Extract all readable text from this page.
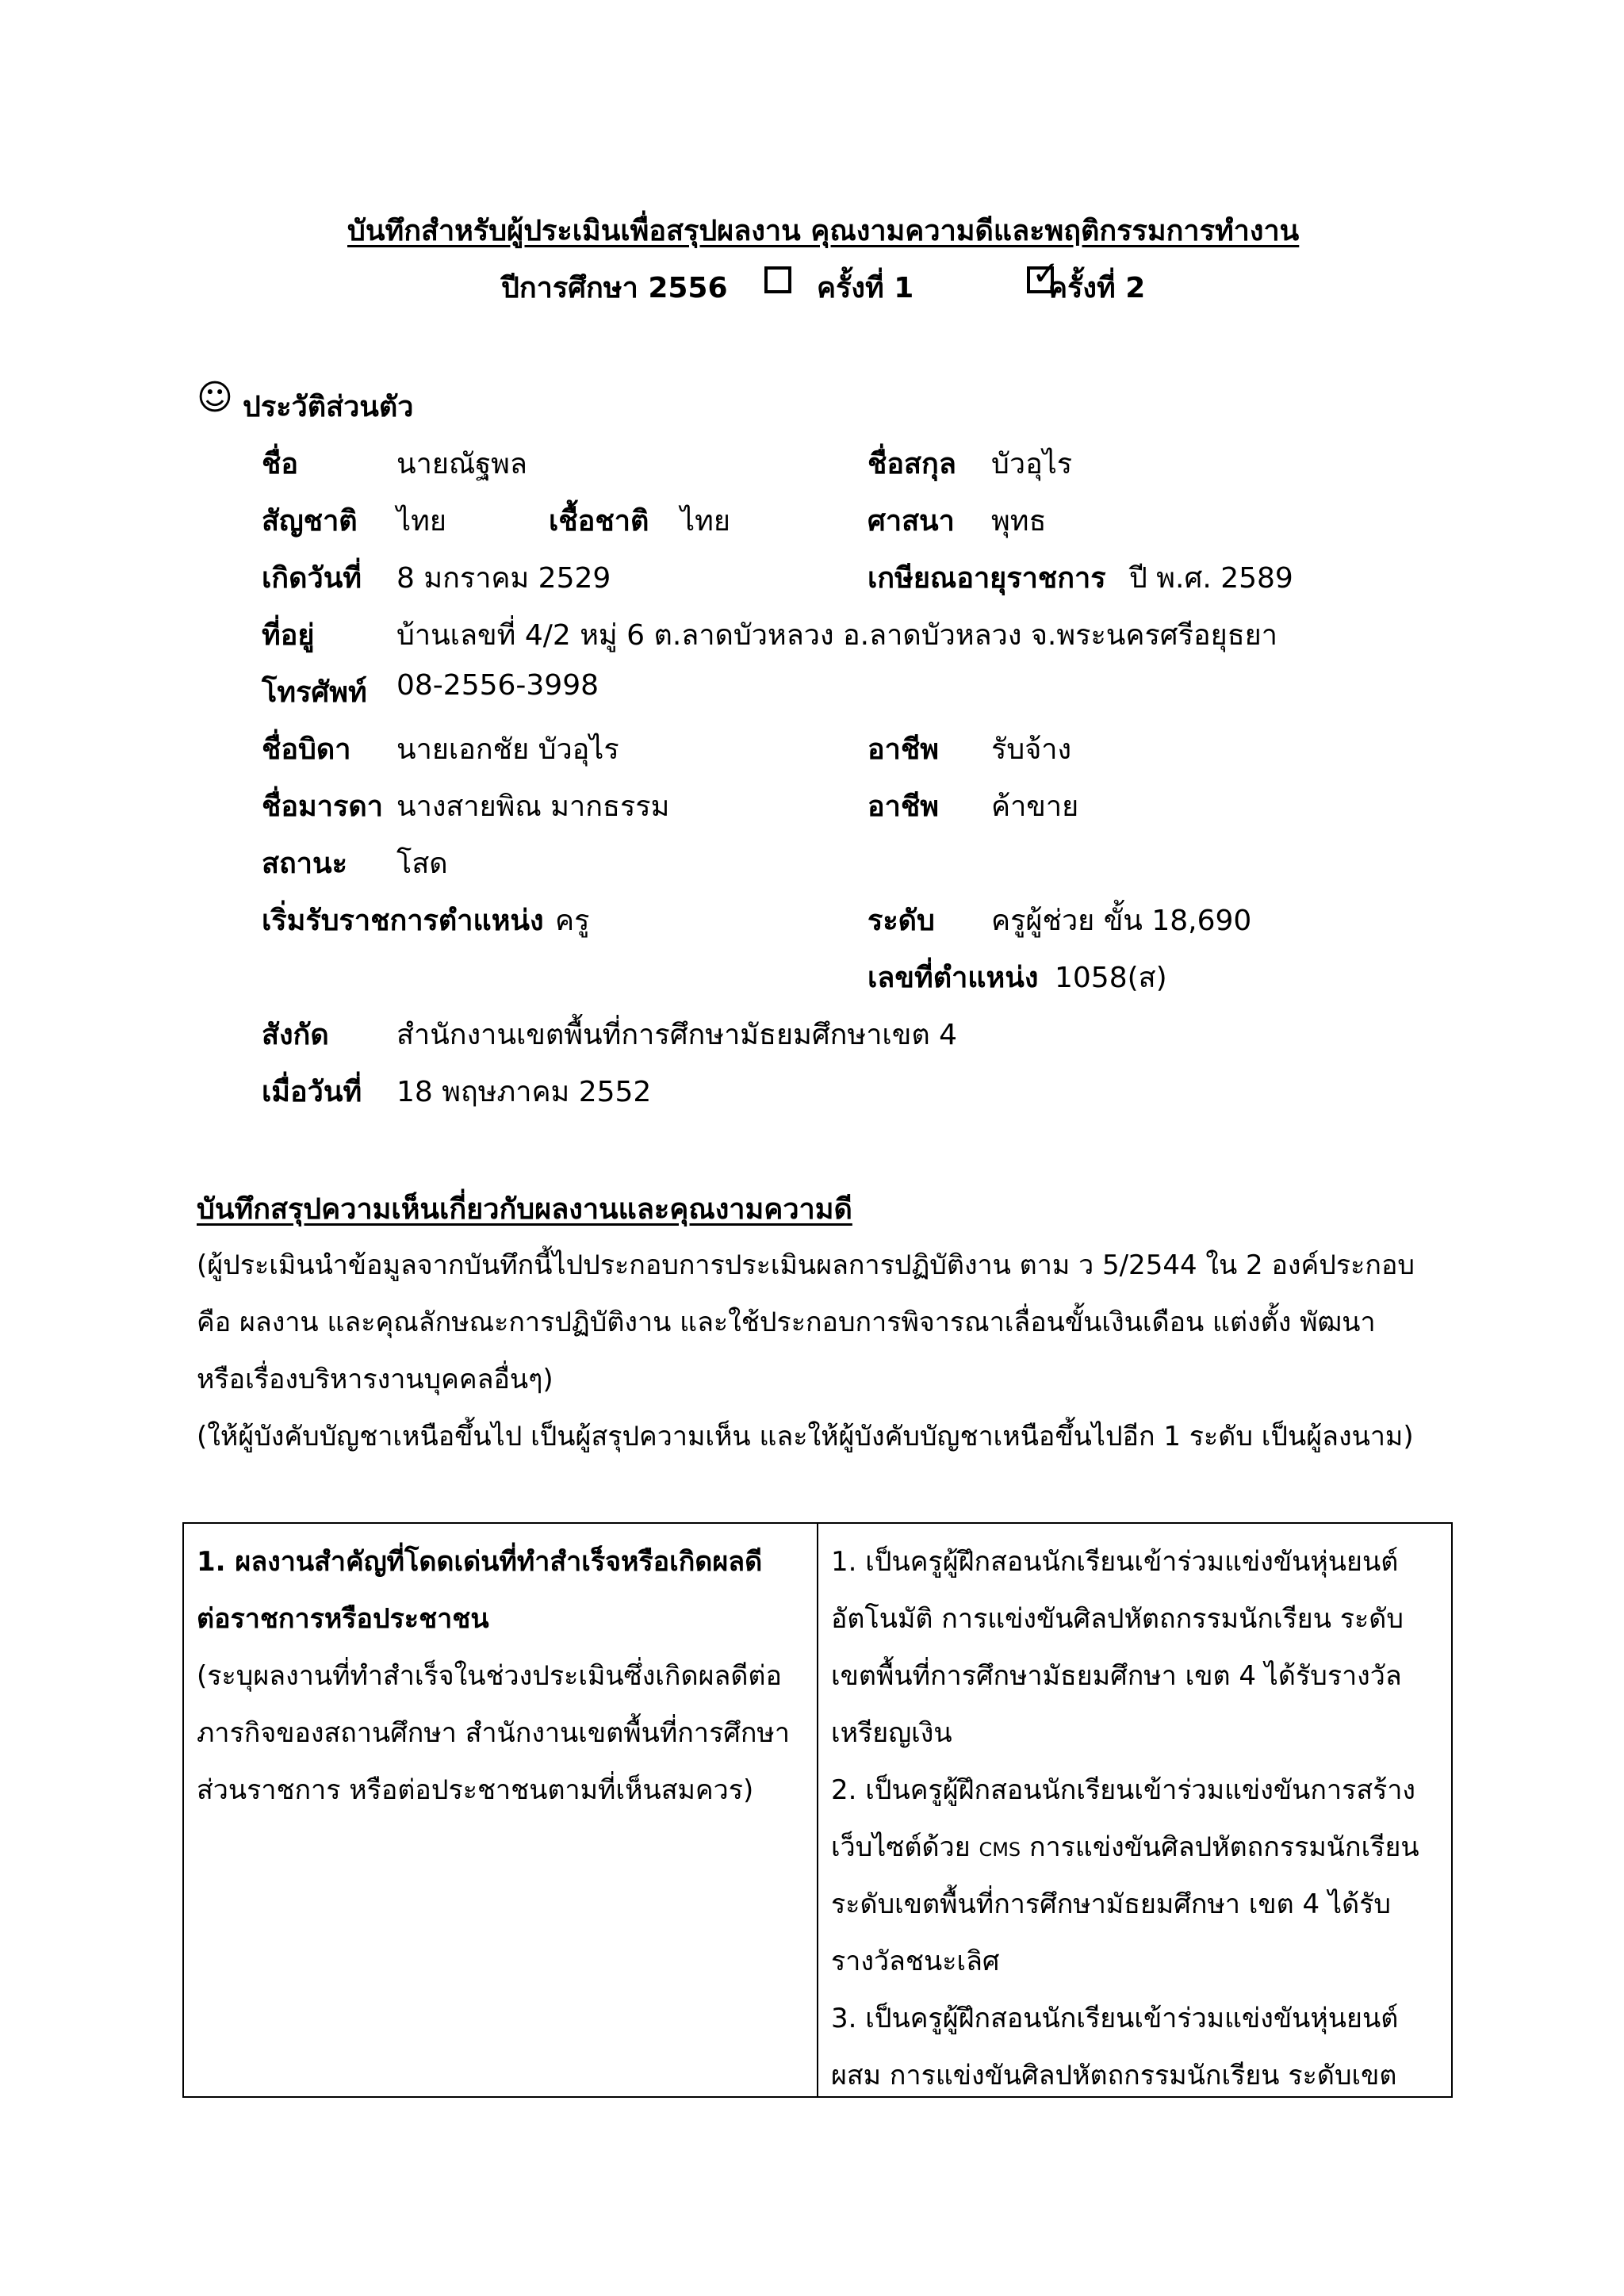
บันทึกสำหรับผู้ประเมินเพื่อสรุปผลงาน คุณงามความดีและพฤติกรรมการทำงาน
ปีการศึกษา 2556
	ครั้งที่ 1
✓	ครั้งที่ 2
☺ ประวัติส่วนตัว
ชื่อ	นายณัฐพล	ชื่อสกุล บัวอุไร
สัญชาติ ไทย	เชื้อชาติ ไทย	ศาสนา พุทธ
เกิดวันที่ 8 มกราคม 2529	เกษียณอายุราชการ ปี พ.ศ. 2589
ที่อยู่	บ้านเลขที่ 4/2 หมู่ 6 ต.ลาดบัวหลวง อ.ลาดบัวหลวง จ.พระนครศรีอยุธยา
โทรศัพท์ 08-2556-3998
ชื่อบิดา นายเอกชัย บัวอุไร	อาชีพ รับจ้าง
ชื่อมารดา นางสายพิณ มากธรรม	อาชีพ ค้าขาย
สถานะ โสด
เริ่มรับราชการตำแหน่ง ครู	ระดับ ครูผู้ช่วย ขั้น 18,690
เลขที่ตำแหน่ง 1058(ส)
สังกัด สำนักงานเขตพื้นที่การศึกษามัธยมศึกษาเขต 4
เมื่อวันที่ 18 พฤษภาคม 2552
บันทึกสรุปความเห็นเกี่ยวกับผลงานและคุณงามความดี
(ผู้ประเมินนำข้อมูลจากบันทึกนี้ไปประกอบการประเมินผลการปฏิบัติงาน ตาม ว 5/2544 ใน 2 องค์ประกอบ
คือ ผลงาน และคุณลักษณะการปฏิบัติงาน และใช้ประกอบการพิจารณาเลื่อนขั้นเงินเดือน แต่งตั้ง พัฒนา
หรือเรื่องบริหารงานบุคคลอื่นๆ)
(ให้ผู้บังคับบัญชาเหนือขึ้นไป เป็นผู้สรุปความเห็น และให้ผู้บังคับบัญชาเหนือขึ้นไปอีก 1 ระดับ เป็นผู้ลงนาม)
1. ผลงานสำคัญที่โดดเด่นที่ทำสำเร็จหรือเกิดผลดี
ต่อราชการหรือประชาชน
(ระบุผลงานที่ทำสำเร็จในช่วงประเมินซึ่งเกิดผลดีต่อ
ภารกิจของสถานศึกษา สำนักงานเขตพื้นที่การศึกษา
ส่วนราชการ หรือต่อประชาชนตามที่เห็นสมควร)
1. เป็นครูผู้ฝึกสอนนักเรียนเข้าร่วมแข่งขันหุ่นยนต์
อัตโนมัติ การแข่งขันศิลปหัตถกรรมนักเรียน ระดับ
เขตพื้นที่การศึกษามัธยมศึกษา เขต 4 ได้รับรางวัล
เหรียญเงิน
2. เป็นครูผู้ฝึกสอนนักเรียนเข้าร่วมแข่งขันการสร้าง
เว็บไซต์ด้วย CMS การแข่งขันศิลปหัตถกรรมนักเรียน
ระดับเขตพื้นที่การศึกษามัธยมศึกษา เขต 4 ได้รับ
รางวัลชนะเลิศ
3. เป็นครูผู้ฝึกสอนนักเรียนเข้าร่วมแข่งขันหุ่นยนต์
ผสม การแข่งขันศิลปหัตถกรรมนักเรียน ระดับเขต
